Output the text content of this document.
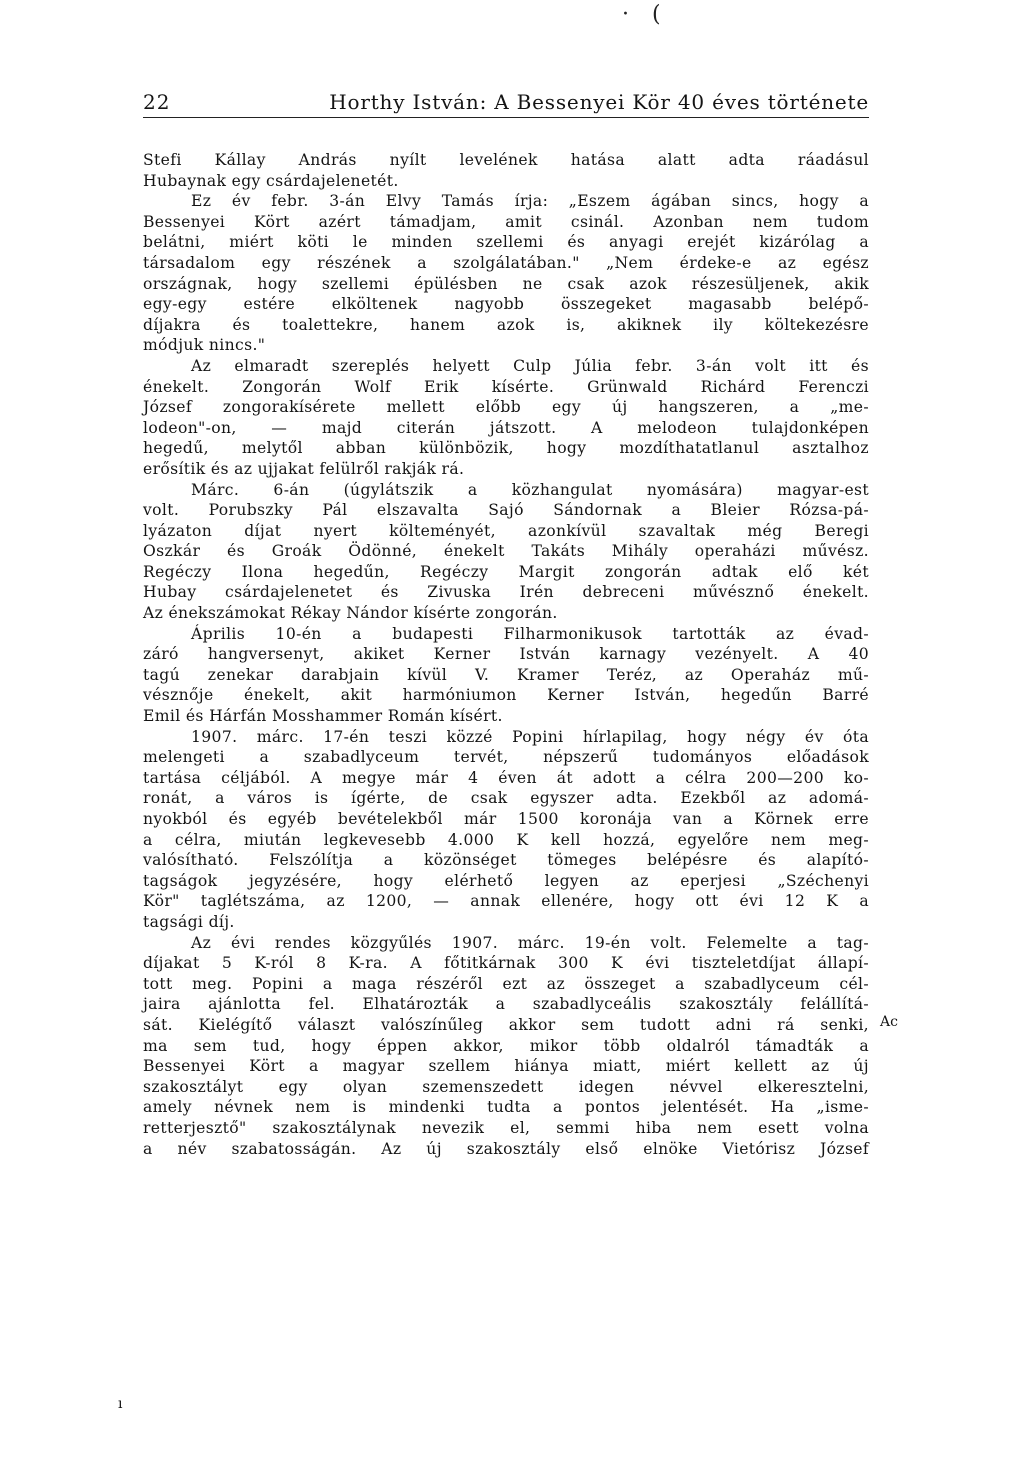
· (
22	Horthy István: A Bessenyei Kör 40 éves története
Stefi Kállay András nyílt levelének hatása alatt adta ráadásul
Hubaynak egy csárdajelenetét.
Ez év febr. 3-án Elvy Tamás írja: „Eszem ágában sincs, hogy a
Bessenyei Kört azért támadjam, amit csinál. Azonban nem tudom
belátni, miért köti le minden szellemi és anyagi erejét kizárólag a
társadalom egy részének a szolgálatában." „Nem érdeke-e az egész
országnak, hogy szellemi épülésben ne csak azok részesüljenek, akik
egy-egy estére elköltenek nagyobb összegeket magasabb belépő-
díjakra és toalettekre, hanem azok is, akiknek ily költekezésre
módjuk nincs."
Az elmaradt szereplés helyett Culp Júlia febr. 3-án volt itt és
énekelt. Zongorán Wolf Erik kísérte. Grünwald Richárd Ferenczi
József zongorakísérete mellett előbb egy új hangszeren, a „me-
lodeon"-on, — majd citerán játszott. A melodeon tulajdonképen
hegedű, melytől abban különbözik, hogy mozdíthatatlanul asztalhoz
erősítik és az ujjakat felülről rakják rá.
Márc. 6-án (úgylátszik a közhangulat nyomására) magyar-est
volt. Porubszky Pál elszavalta Sajó Sándornak a Bleier Rózsa-pá-
lyázaton díjat nyert költeményét, azonkívül szavaltak még Beregi
Oszkár és Groák Ödönné, énekelt Takáts Mihály operaházi művész.
Regéczy Ilona hegedűn, Regéczy Margit zongorán adtak elő két
Hubay csárdajelenetet és Zivuska Irén debreceni művésznő énekelt.
Az énekszámokat Rékay Nándor kísérte zongorán.
Április 10-én a budapesti Filharmonikusok tartották az évad-
záró hangversenyt, akiket Kerner István karnagy vezényelt. A 40
tagú zenekar darabjain kívül V. Kramer Teréz, az Operaház mű-
vésznője énekelt, akit harmóniumon Kerner István, hegedűn Barré
Emil és Hárfán Mosshammer Román kísért.
1907. márc. 17-én teszi közzé Popini hírlapilag, hogy négy év óta
melengeti a szabadlyceum tervét, népszerű tudományos előadások
tartása céljából. A megye már 4 éven át adott a célra 200—200 ko-
ronát, a város is ígérte, de csak egyszer adta. Ezekből az adomá-
nyokból és egyéb bevételekből már 1500 koronája van a Körnek erre
a célra, miután legkevesebb 4.000 K kell hozzá, egyelőre nem meg-
valósítható. Felszólítja a közönséget tömeges belépésre és alapító-
tagságok jegyzésére, hogy elérhető legyen az eperjesi „Széchenyi
Kör" taglétszáma, az 1200, — annak ellenére, hogy ott évi 12 K a
tagsági díj.
Az évi rendes közgyűlés 1907. márc. 19-én volt. Felemelte a tag-
díjakat 5 K-ról 8 K-ra. A főtitkárnak 300 K évi tiszteletdíjat állapí-
tott meg. Popini a maga részéről ezt az összeget a szabadlyceum cél-
jaira ajánlotta fel. Elhatározták a szabadlyceális szakosztály felállítá-
sát. Kielégítő választ valószínűleg akkor sem tudott adni rá senki,
ma sem tud, hogy éppen akkor, mikor több oldalról támadták a
Bessenyei Kört a magyar szellem hiánya miatt, miért kellett az új
szakosztályt egy olyan szemenszedett idegen névvel elkeresztelni,
amely névnek nem is mindenki tudta a pontos jelentését. Ha „isme-
retterjesztő" szakosztálynak nevezik el, semmi hiba nem esett volna
a név szabatosságán. Az új szakosztály első elnöke Vietórisz József
Ac
ı
